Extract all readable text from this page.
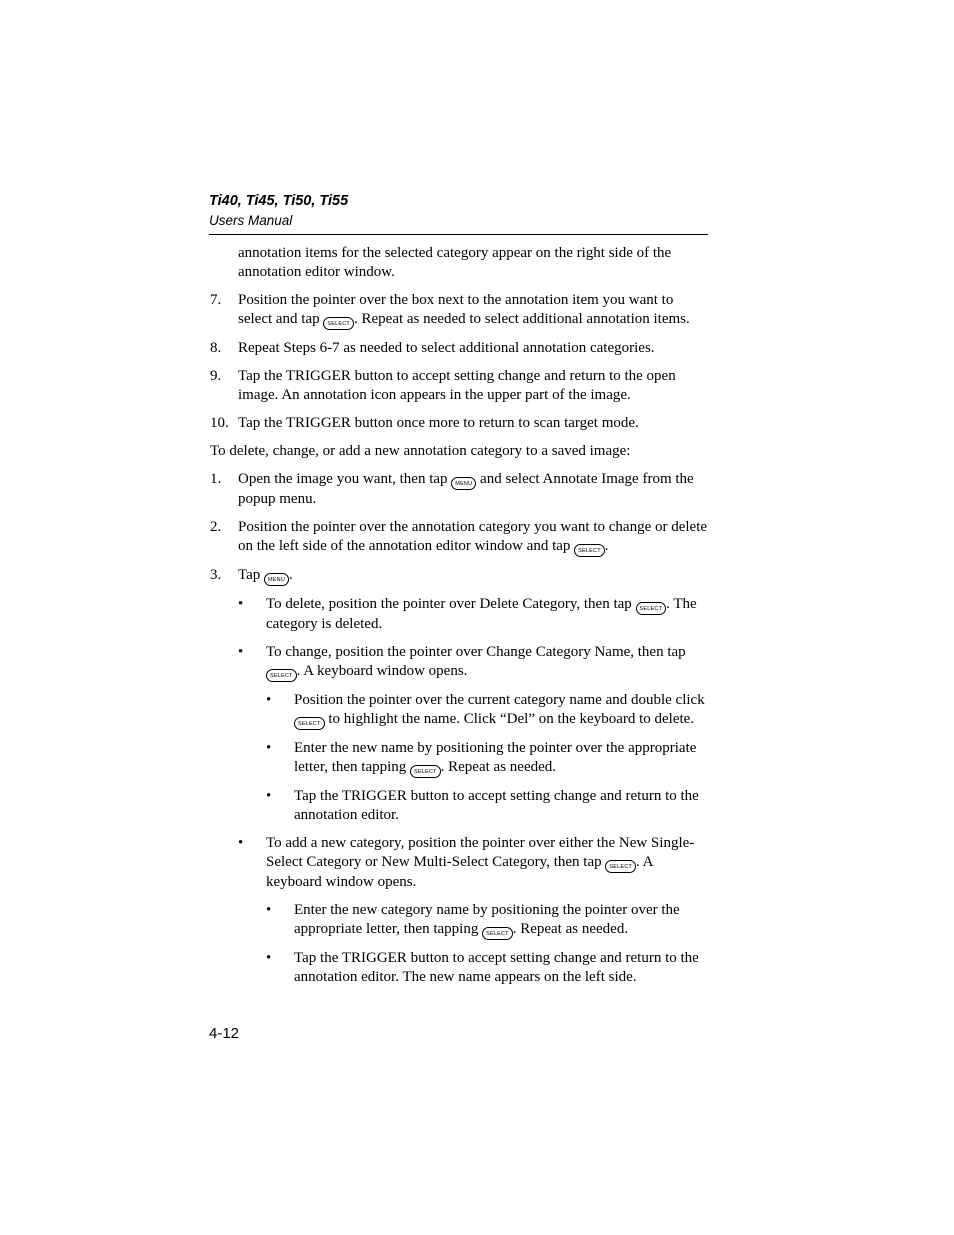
Ti40, Ti45, Ti50, Ti55
Users Manual
annotation items for the selected category appear on the right side of the annotation editor window.
7.	Position the pointer over the box next to the annotation item you want to select and tap SELECT . Repeat as needed to select additional annotation items.
8.	Repeat Steps 6-7 as needed to select additional annotation categories.
9.	Tap the TRIGGER button to accept setting change and return to the open image. An annotation icon appears in the upper part of the image.
10. Tap the TRIGGER button once more to return to scan target mode.
To delete, change, or add a new annotation category to a saved image:
1.	Open the image you want, then tap MENU and select Annotate Image from the popup menu.
2.	Position the pointer over the annotation category you want to change or delete on the left side of the annotation editor window and tap SELECT .
3.	Tap MENU .
•	To delete, position the pointer over Delete Category, then tap SELECT . The category is deleted.
•	To change, position the pointer over Change Category Name, then tap SELECT . A keyboard window opens.
•	Position the pointer over the current category name and double click SELECT to highlight the name. Click “Del” on the keyboard to delete.
•	Enter the new name by positioning the pointer over the appropriate letter, then tapping SELECT . Repeat as needed.
•	Tap the TRIGGER button to accept setting change and return to the annotation editor.
•	To add a new category, position the pointer over either the New Single-Select Category or New Multi-Select Category, then tap SELECT . A keyboard window opens.
•	Enter the new category name by positioning the pointer over the appropriate letter, then tapping SELECT . Repeat as needed.
•	Tap the TRIGGER button to accept setting change and return to the annotation editor. The new name appears on the left side.
4-12
